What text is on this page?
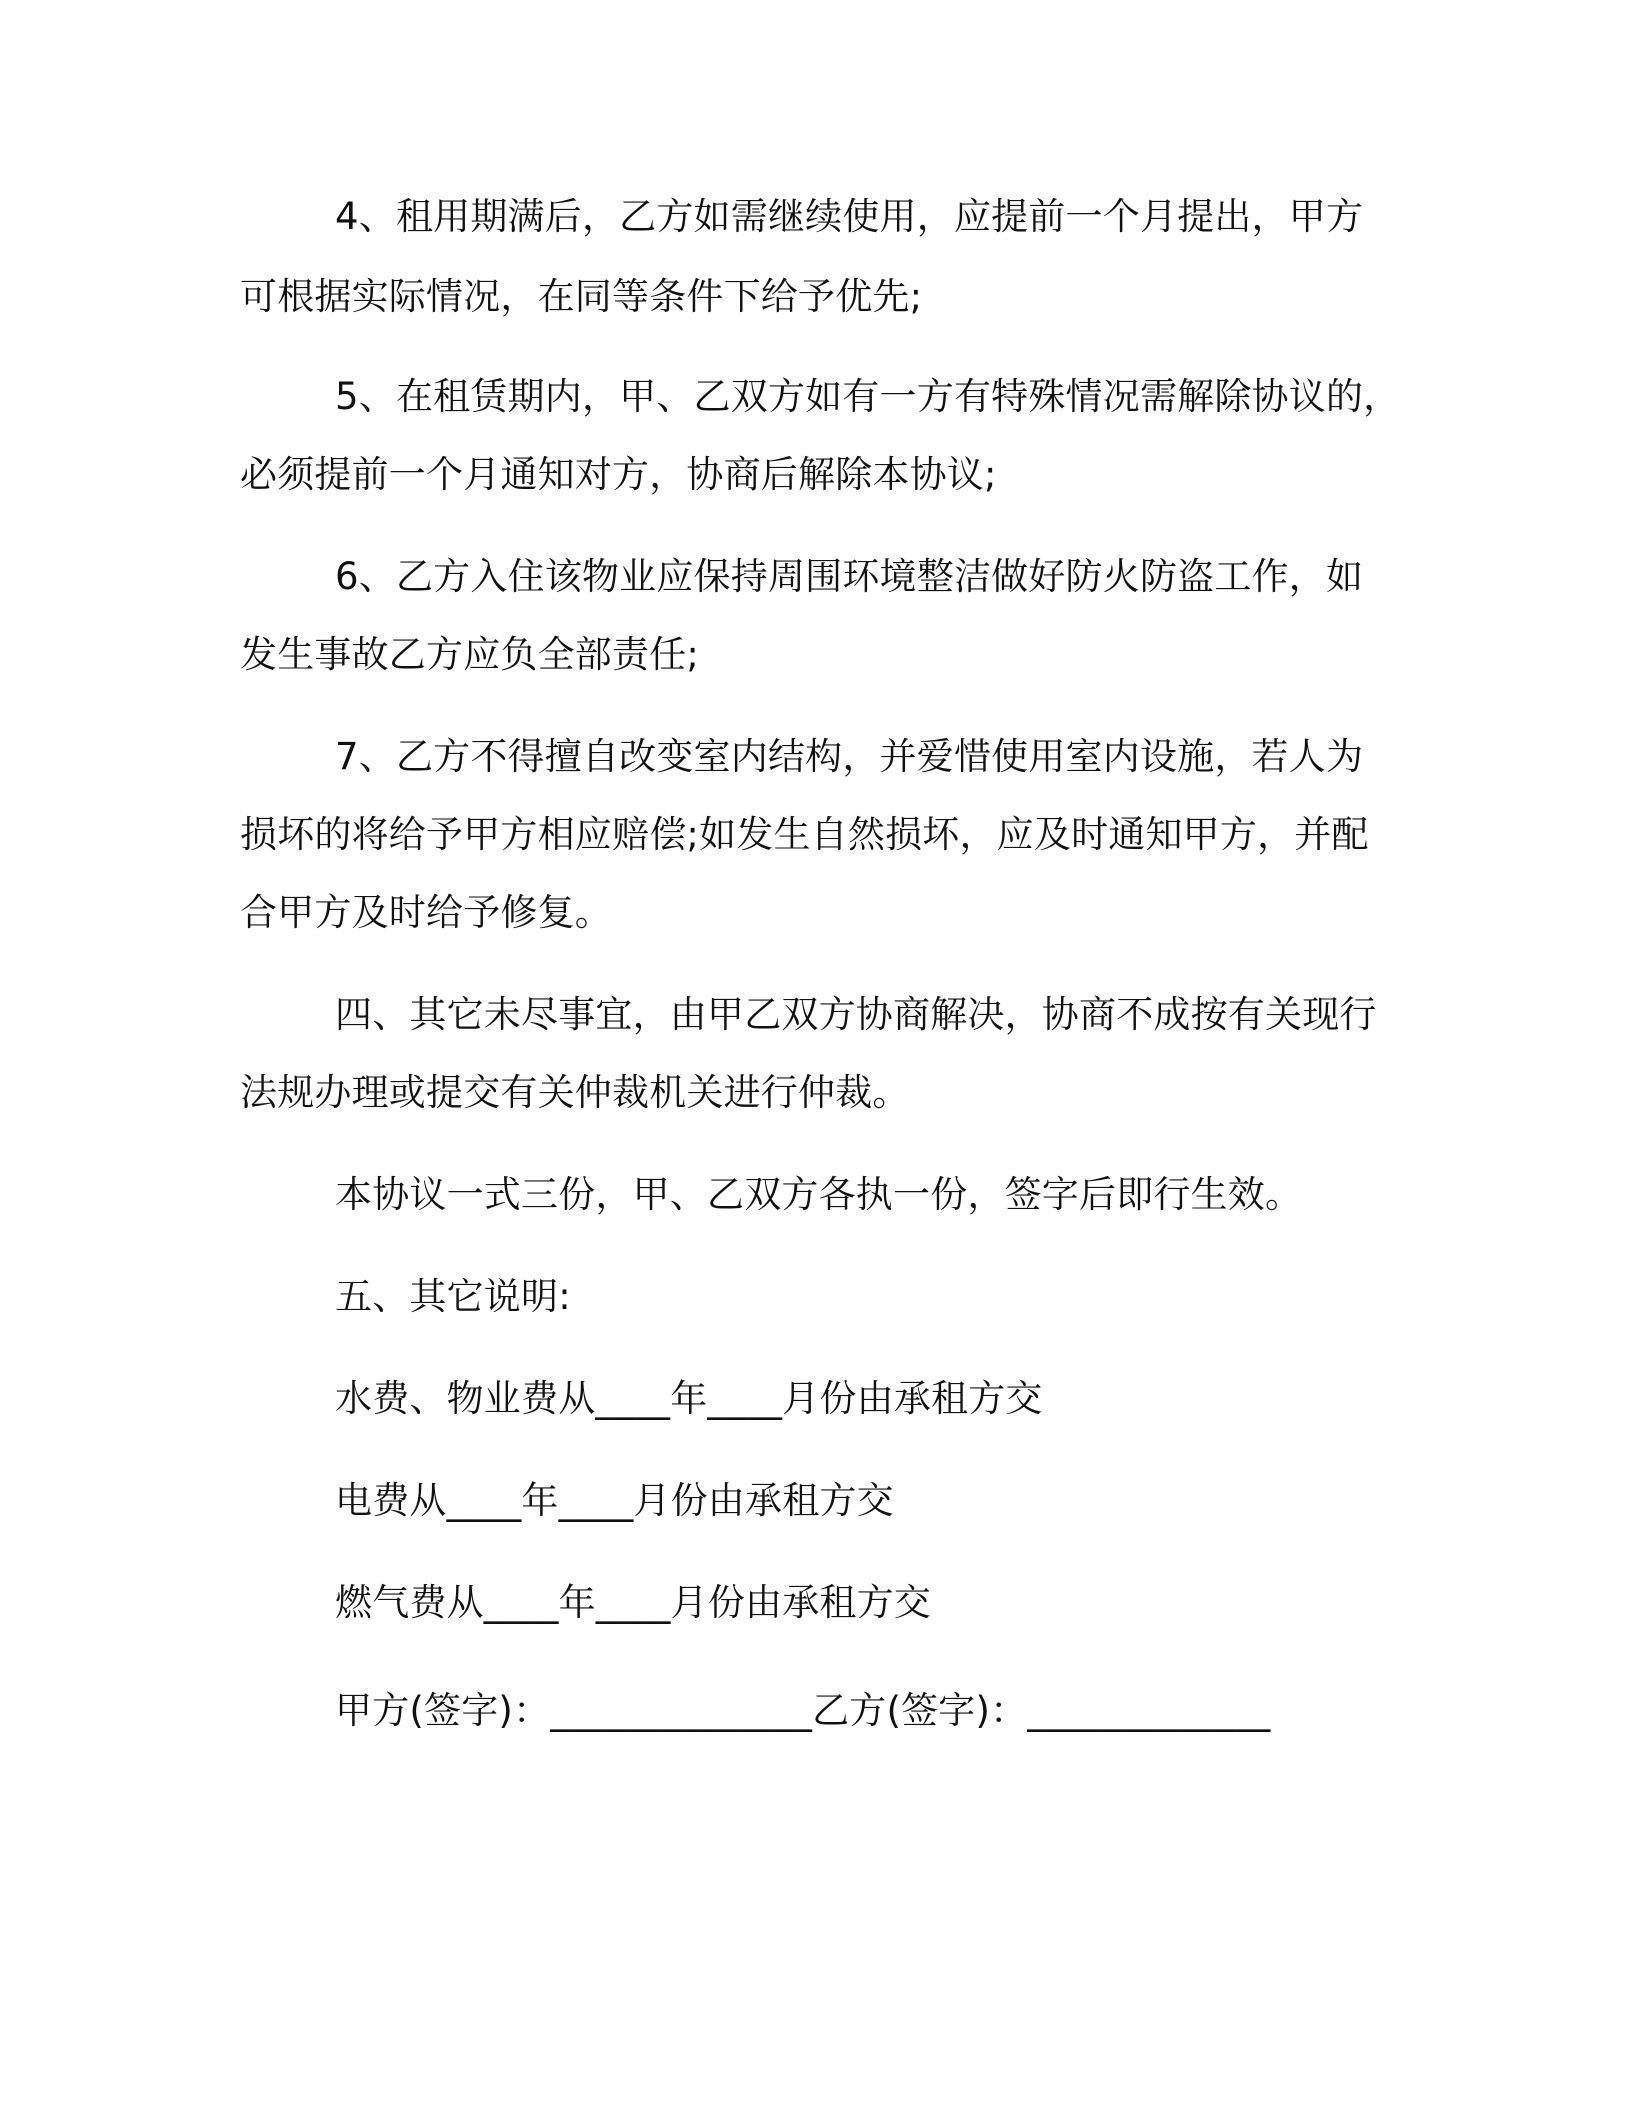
4、租用期满后，乙方如需继续使用，应提前一个月提出，甲方
可根据实际情况，在同等条件下给予优先;
5、在租赁期内，甲、乙双方如有一方有特殊情况需解除协议的，
必须提前一个月通知对方，协商后解除本协议;
6、乙方入住该物业应保持周围环境整洁做好防火防盗工作，如
发生事故乙方应负全部责任;
7、乙方不得擅自改变室内结构，并爱惜使用室内设施，若人为
损坏的将给予甲方相应赔偿;如发生自然损坏，应及时通知甲方，并配
合甲方及时给予修复。
四、其它未尽事宜，由甲乙双方协商解决，协商不成按有关现行
法规办理或提交有关仲裁机关进行仲裁。
本协议一式三份，甲、乙双方各执一份，签字后即行生效。
五、其它说明:
水费、物业费从____年____月份由承租方交
电费从____年____月份由承租方交
燃气费从____年____月份由承租方交
甲方(签字)：______________乙方(签字)：_____________
